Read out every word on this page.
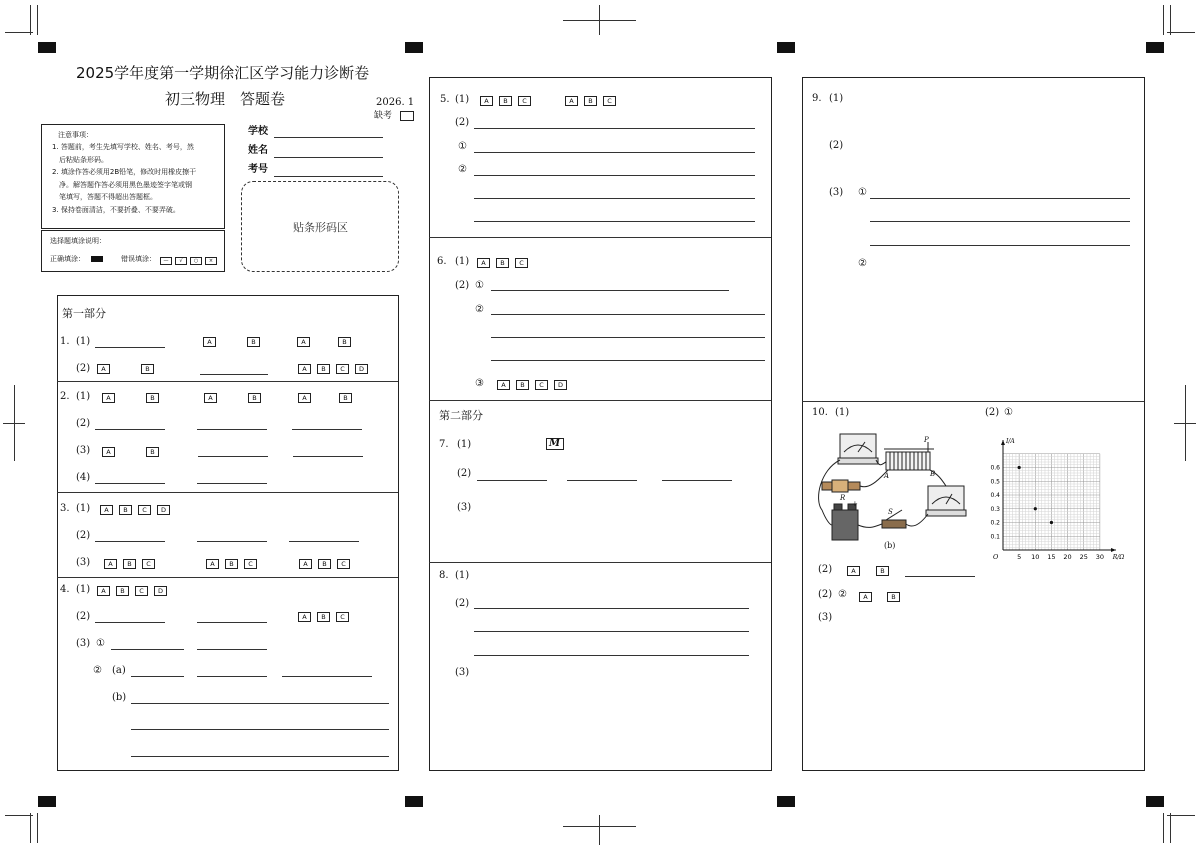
2025学年度第一学期徐汇区学习能力诊断卷
初三物理　答题卷	2026. 1
缺考
注意事项：
1. 答题前，考生先填写学校、姓名、考号，然
　后粘贴条形码。
2. 填涂作答必须用2B铅笔，修改时用橡皮擦干
　净。解答题作答必须用黑色墨迹签字笔或钢
　笔填写，答题不得超出答题框。
3. 保持卷面清洁，不要折叠、不要弄破。
选择题填涂说明：
正确填涂：	错误填涂：	— √ ○ ×
学校
姓名
考号
贴条形码区
第一部分
第二部分
1. (1)	A	B	A	B
(2)	A	B	A	B	C	D
2. (1)	A	B	A	B	A	B
(2)
(3)	A	B
(4)
3. (1)	A	B	C	D
(2)
(3)	A	B	C	A	B	C	A	B	C
4. (1)	A	B	C	D
(2)	A	B	C
(3) ①
② (a)
(b)
5. (1)	A	B	C	A	B	C
(2)
①
②
6. (1)	A	B	C
(2) ①
②
③	A	B	C	D
7. (1)
(2)
(3)
8. (1)
(2)
(3)
9. (1)
(2)
(3) ①
②
10. (1)	(2) ①
(2)	A	B
(2) ②	A	B
(3)
M
R
+
S
P
A	B
(b)
5 10 15 20 25 30
0.1
0.2
0.3
0.4
0.5
0.6
O	R/Ω
I/A
